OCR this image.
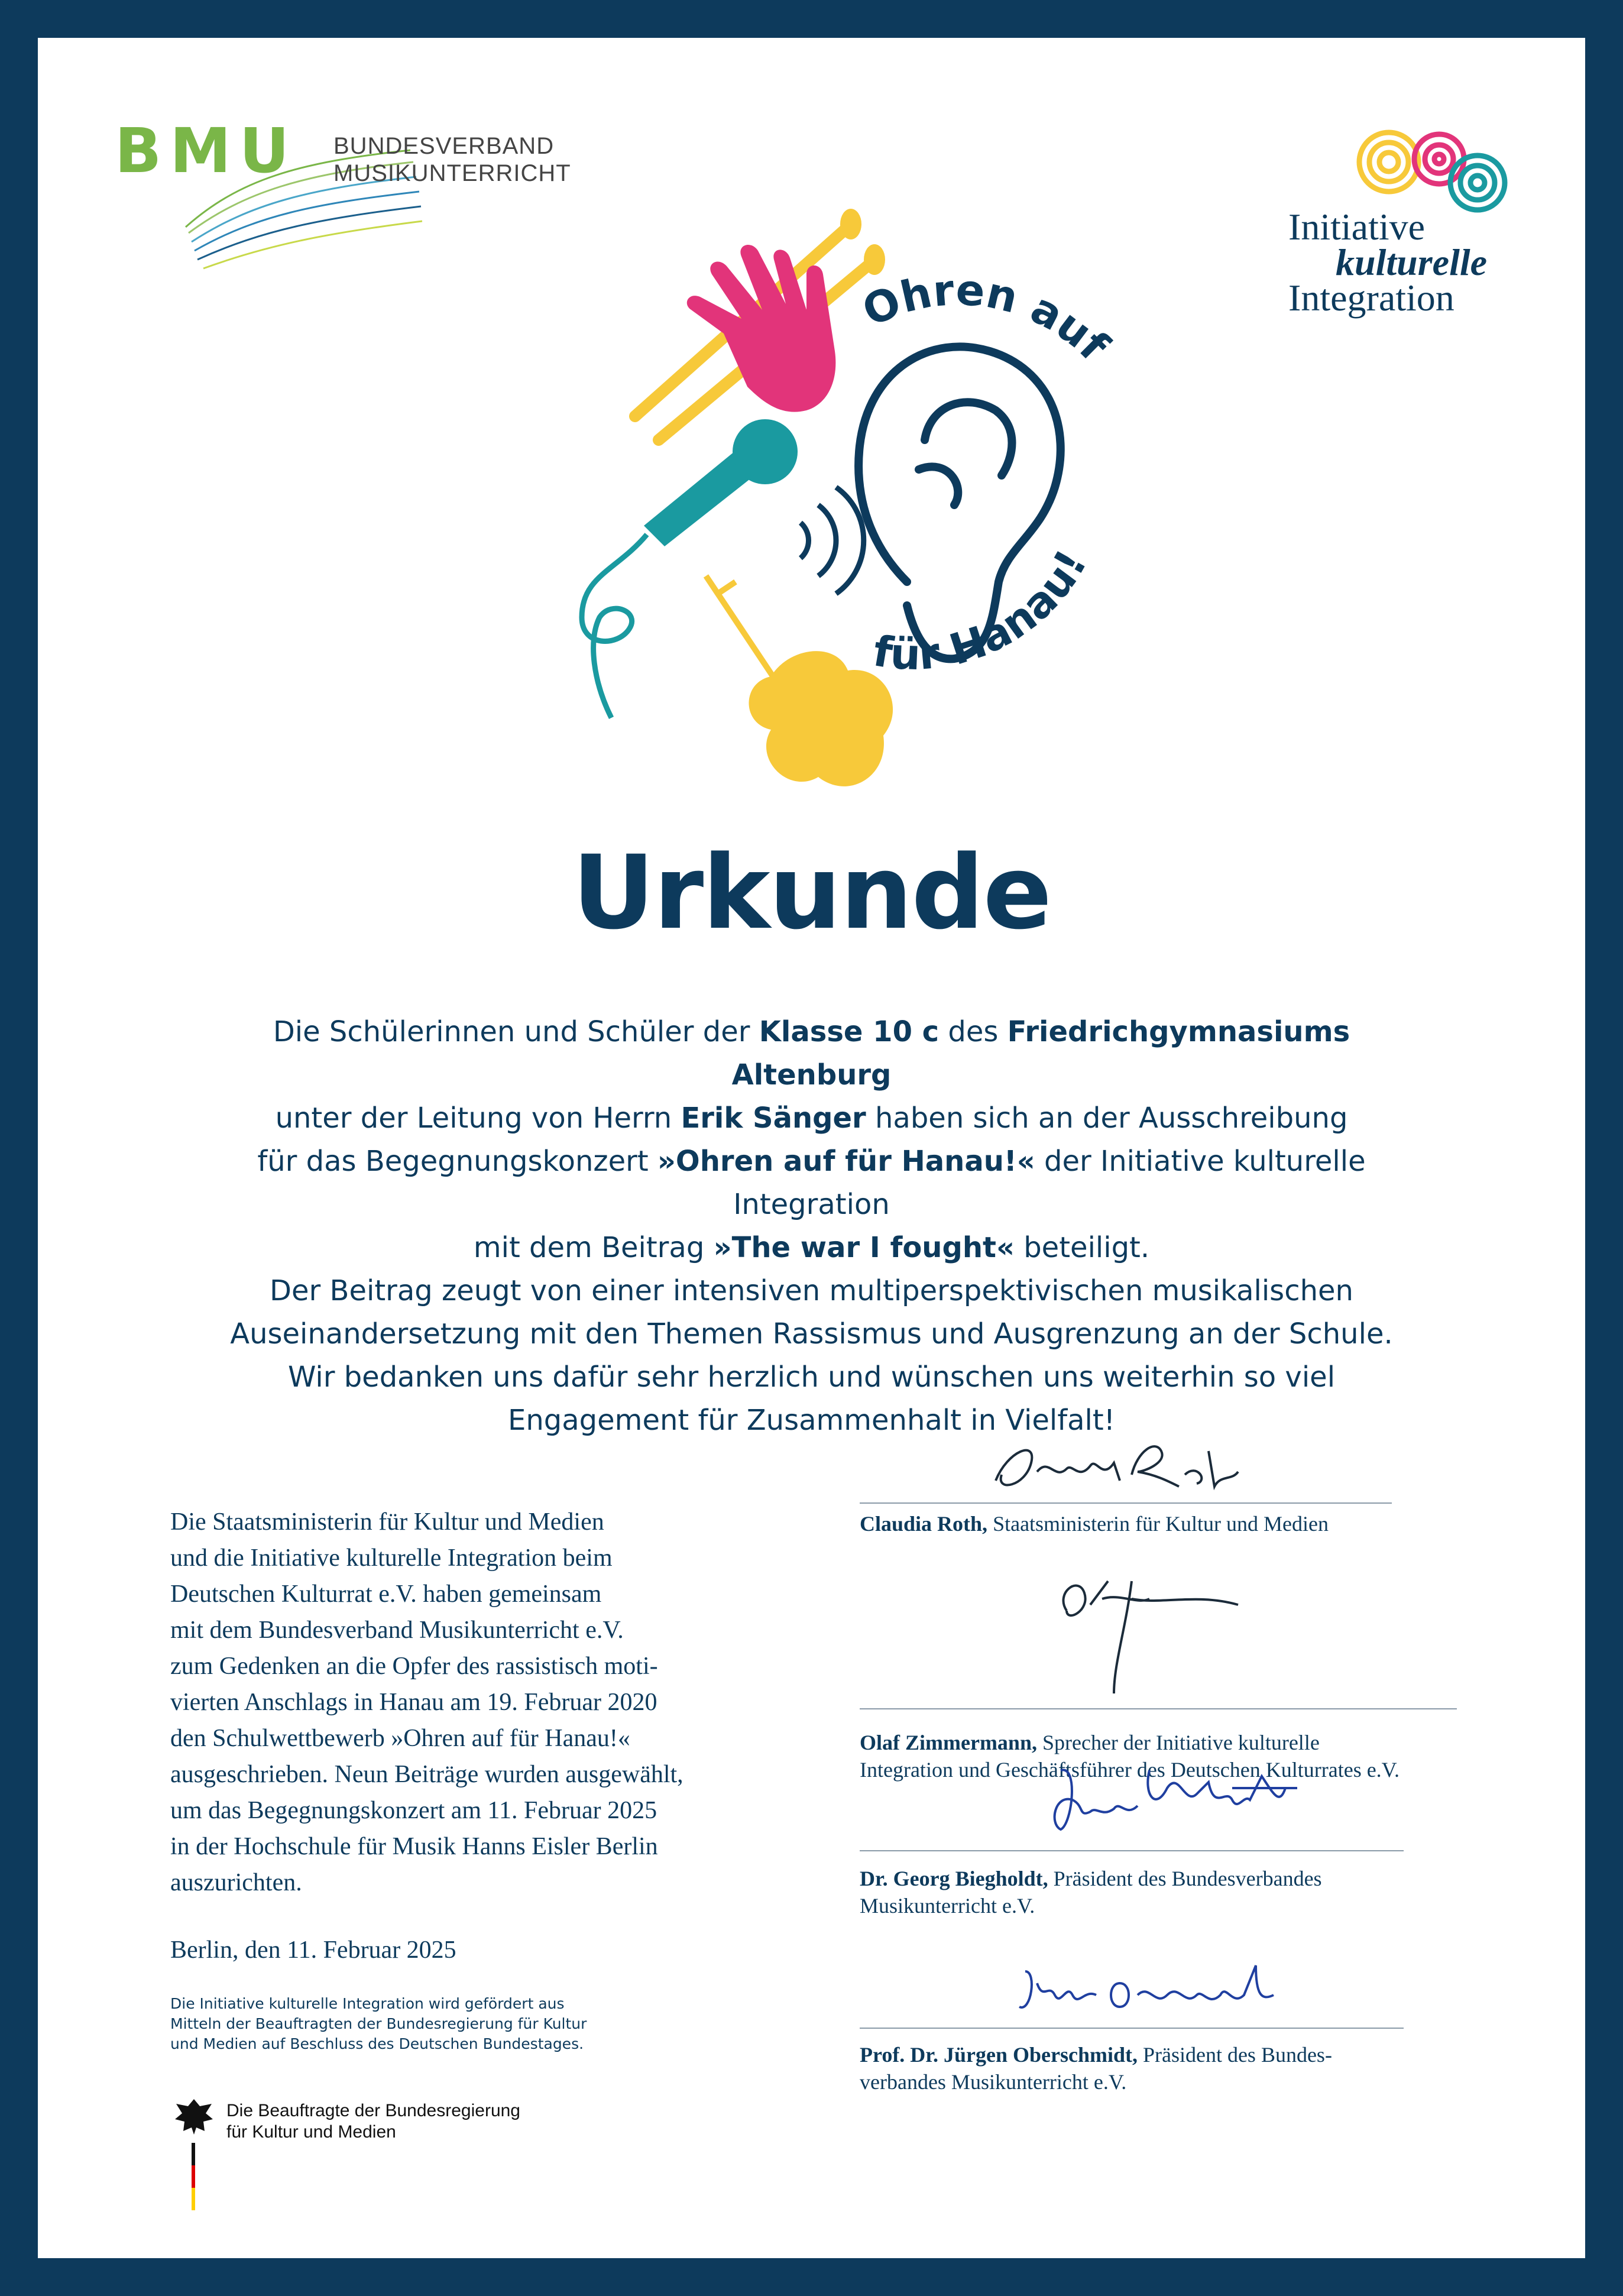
BMU BUNDESVERBAND
MUSIKUNTERRICHT
Initiative
kulturelle
Integration
Ohren auf
für Hanau!
Urkunde
Die Schülerinnen und Schüler der Klasse 10 c des Friedrichgymnasiums Altenburg
unter der Leitung von Herrn Erik Sänger haben sich an der Ausschreibung
für das Begegnungskonzert »Ohren auf für Hanau!« der Initiative kulturelle Integration
mit dem Beitrag »The war I fought« beteiligt.
Der Beitrag zeugt von einer intensiven multiperspektivischen musikalischen
Auseinandersetzung mit den Themen Rassismus und Ausgrenzung an der Schule.
Wir bedanken uns dafür sehr herzlich und wünschen uns weiterhin so viel
Engagement für Zusammenhalt in Vielfalt!
Die Staatsministerin für Kultur und Medien
und die Initiative kulturelle Integration beim
Deutschen Kulturrat e.V. haben gemeinsam
mit dem Bundesverband Musikunterricht e.V.
zum Gedenken an die Opfer des rassistisch moti-
vierten Anschlags in Hanau am 19. Februar 2020
den Schulwettbewerb »Ohren auf für Hanau!«
ausgeschrieben. Neun Beiträge wurden ausgewählt,
um das Begegnungskonzert am 11. Februar 2025
in der Hochschule für Musik Hanns Eisler Berlin
auszurichten.
Berlin, den 11. Februar 2025
Die Initiative kulturelle Integration wird gefördert aus
Mitteln der Beauftragten der Bundesregierung für Kultur
und Medien auf Beschluss des Deutschen Bundestages.
Die Beauftragte der Bundesregierung
für Kultur und Medien
Claudia Roth, Staatsministerin für Kultur und Medien
Olaf Zimmermann, Sprecher der Initiative kulturelle
Integration und Geschäftsführer des Deutschen Kulturrates e.V.
Dr. Georg Biegholdt, Präsident des Bundesverbandes
Musikunterricht e.V.
Prof. Dr. Jürgen Oberschmidt, Präsident des Bundes-
verbandes Musikunterricht e.V.
